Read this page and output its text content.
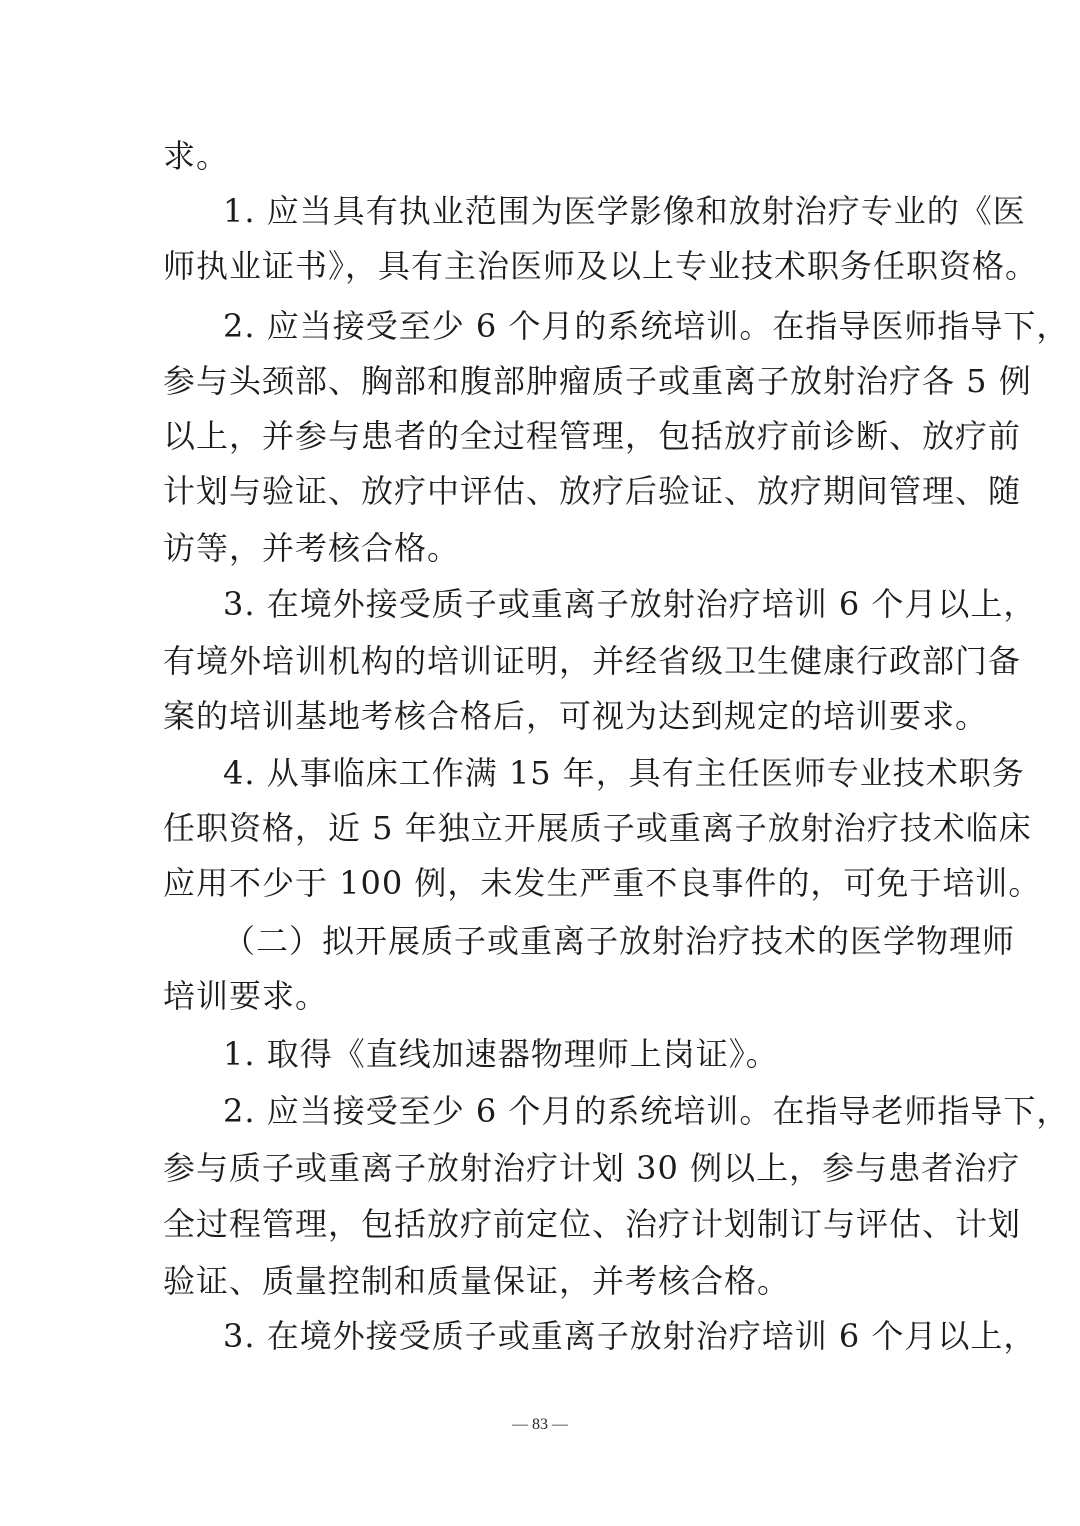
求。
1. 应当具有执业范围为医学影像和放射治疗专业的《医
师执业证书》，具有主治医师及以上专业技术职务任职资格。
2. 应当接受至少 6 个月的系统培训。在指导医师指导下，
参与头颈部、胸部和腹部肿瘤质子或重离子放射治疗各 5 例
以上，并参与患者的全过程管理，包括放疗前诊断、放疗前
计划与验证、放疗中评估、放疗后验证、放疗期间管理、随
访等，并考核合格。
3. 在境外接受质子或重离子放射治疗培训 6 个月以上，
有境外培训机构的培训证明，并经省级卫生健康行政部门备
案的培训基地考核合格后，可视为达到规定的培训要求。
4. 从事临床工作满 15 年，具有主任医师专业技术职务
任职资格，近 5 年独立开展质子或重离子放射治疗技术临床
应用不少于 100 例，未发生严重不良事件的，可免于培训。
（二）拟开展质子或重离子放射治疗技术的医学物理师
培训要求。
1. 取得《直线加速器物理师上岗证》。
2. 应当接受至少 6 个月的系统培训。在指导老师指导下，
参与质子或重离子放射治疗计划 30 例以上，参与患者治疗
全过程管理，包括放疗前定位、治疗计划制订与评估、计划
验证、质量控制和质量保证，并考核合格。
3. 在境外接受质子或重离子放射治疗培训 6 个月以上，
— 83 —
